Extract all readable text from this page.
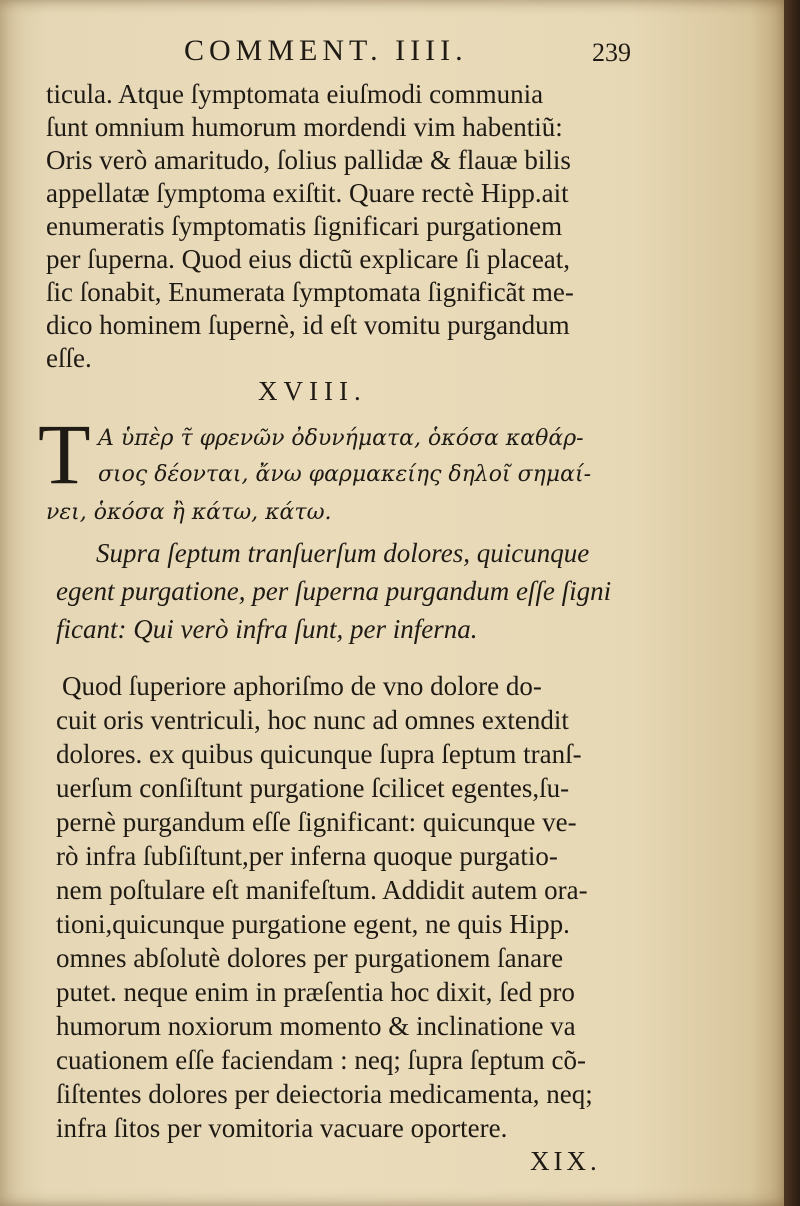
COMMENT. IIII.	239
ticula. Atque ſymptomata eiuſmodi communia
ſunt omnium humorum mordendi vim habentiũ:
Oris verò amaritudo, ſolius pallidæ & flauæ bilis
appellatæ ſymptoma exiſtit. Quare rectè Hipp.ait
enumeratis ſymptomatis ſignificari purgationem
per ſuperna. Quod eius dictũ explicare ſi placeat,
ſic ſonabit, Enumerata ſymptomata ſignificãt me-
dico hominem ſupernè, id eſt vomitu purgandum
eſſe.
XVIII.
T Α ὑπὲρ τ̃ φρενῶν ὀδυνήματα, ὁκόσα καθάρ-
σιος δέονται, ἄνω φαρμακείης δηλοῖ σημαί-
νει, ὁκόσα ἢ κάτω, κάτω.
Supra ſeptum tranſuerſum dolores, quicunque
egent purgatione, per ſuperna purgandum eſſe ſigni
ficant: Qui verò infra ſunt, per inferna.
Quod ſuperiore aphoriſmo de vno dolore do-
cuit oris ventriculi, hoc nunc ad omnes extendit
dolores. ex quibus quicunque ſupra ſeptum tranſ-
uerſum conſiſtunt purgatione ſcilicet egentes,ſu-
pernè purgandum eſſe ſignificant: quicunque ve-
rò infra ſubſiſtunt,per inferna quoque purgatio-
nem poſtulare eſt manifeſtum. Addidit autem ora-
tioni,quicunque purgatione egent, ne quis Hipp.
omnes abſolutè dolores per purgationem ſanare
putet. neque enim in præſentia hoc dixit, ſed pro
humorum noxiorum momento & inclinatione va
cuationem eſſe faciendam : neq; ſupra ſeptum cõ-
ſiſtentes dolores per deiectoria medicamenta, neq;
infra ſitos per vomitoria vacuare oportere.
XIX.
